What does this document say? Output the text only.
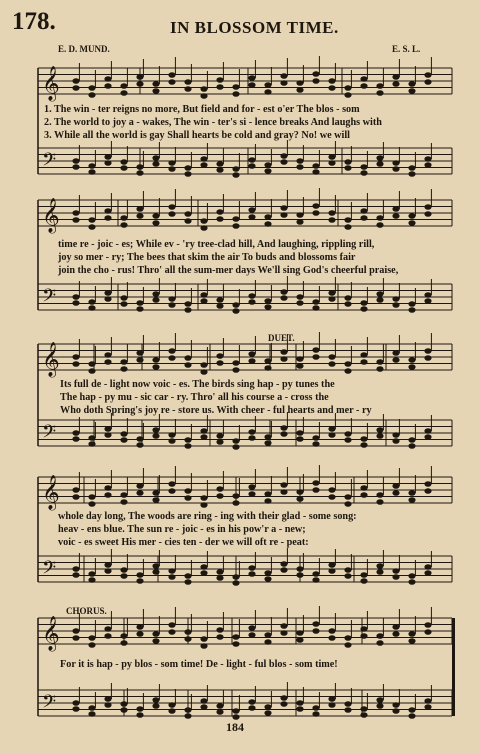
𝄞
𝄢
𝄞
𝄢
𝄞
𝄢
𝄞
𝄢
𝄞
𝄢
178.	IN BLOSSOM TIME.
E. D. MUND.	E. S. L.
1. The win - ter reigns no more, But field and for - est o'er The blos - som
2. The world to joy a - wakes, The win - ter's si - lence breaks And laughs with
3. While all the world is gay Shall hearts be cold and gray? No! we will
time re - joic - es; While ev - 'ry tree-clad hill, And laughing, rippling rill,
joy so mer - ry; The bees that skim the air To buds and blossoms fair
join the cho - rus! Thro' all the sum-mer days We'll sing God's cheerful praise,
DUET.
Its full de - light now voic - es. The birds sing hap - py tunes the
The hap - py mu - sic car - ry. Thro' all his course a - cross the
Who doth Spring's joy re - store us. With cheer - ful hearts and mer - ry
whole day long, The woods are ring - ing with their glad - some song:
heav - ens blue. The sun re - joic - es in his pow'r a - new;
voic - es sweet His mer - cies ten - der we will oft re - peat:
CHORUS.
For it is hap - py blos - som time! De - light - ful blos - som time!
184
